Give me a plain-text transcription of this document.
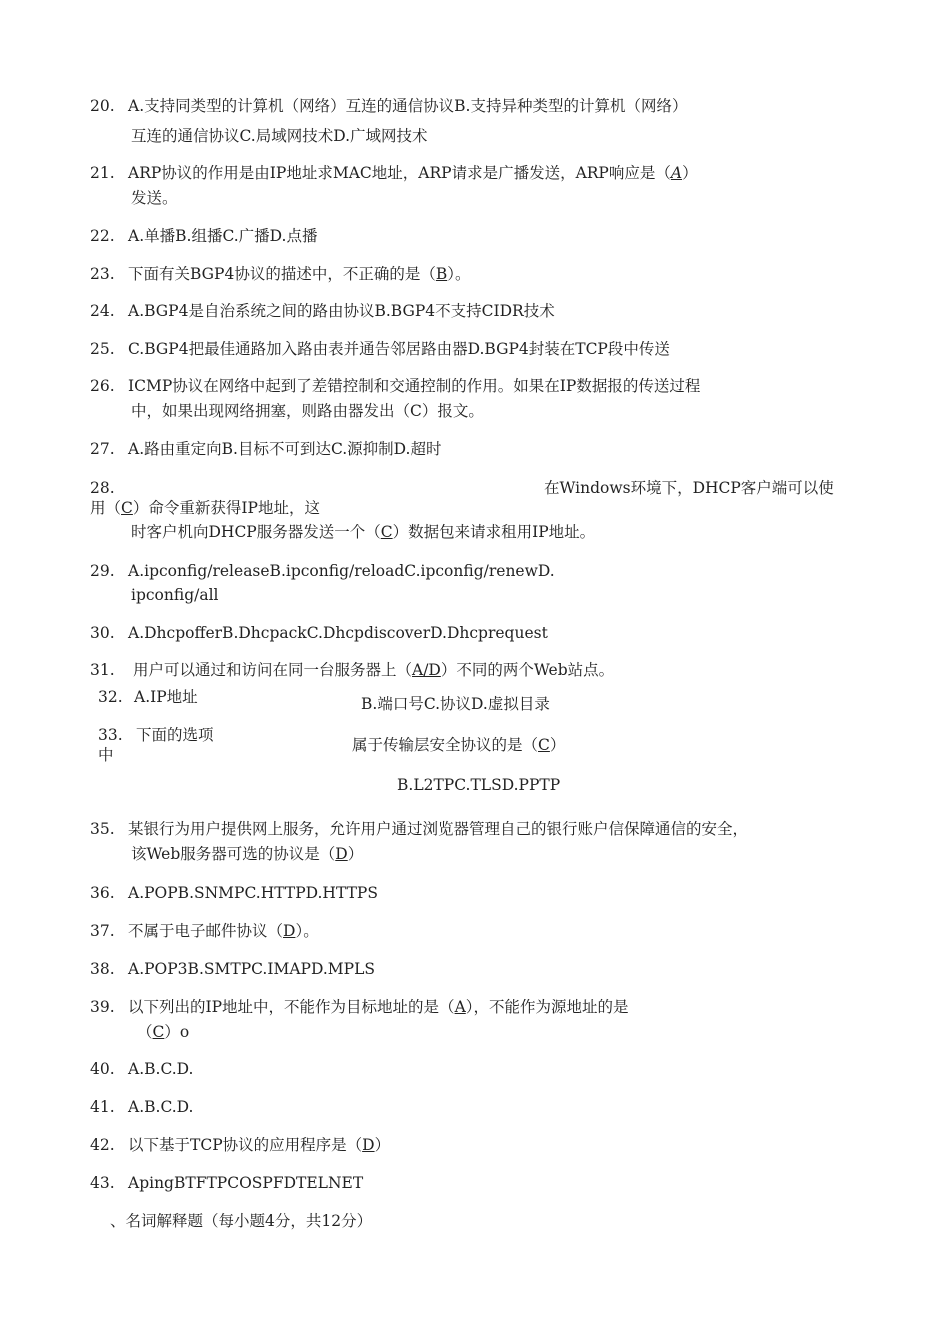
20. A.支持同类型的计算机（网络）互连的通信协议B.支持异种类型的计算机（网络）
互连的通信协议C.局域网技术D.广域网技术
21. ARP协议的作用是由IP地址求MAC地址，ARP请求是广播发送，ARP响应是（A）
发送。
22. A.单播B.组播C.广播D.点播
23. 下面有关BGP4协议的描述中，不正确的是（B）。
24. A.BGP4是自治系统之间的路由协议B.BGP4不支持CIDR技术
25. C.BGP4把最佳通路加入路由表并通告邻居路由器D.BGP4封装在TCP段中传送
26. ICMP协议在网络中起到了差错控制和交通控制的作用。如果在IP数据报的传送过程
中，如果出现网络拥塞，则路由器发出（C）报文。
27. A.路由重定向B.目标不可到达C.源抑制D.超时
28.	在Windows环境下，DHCP客户端可以使
用（C）命令重新获得IP地址，这
时客户机向DHCP服务器发送一个（C）数据包来请求租用IP地址。
29. A.ipconfig/releaseB.ipconfig/reloadC.ipconfig/renewD.
ipconfig/all
30. A.DhcpofferB.DhcpackC.DhcpdiscoverD.Dhcprequest
31. 用户可以通过和访问在同一台服务器上（A/D）不同的两个Web站点。
32. A.IP地址	B.端口号C.协议D.虚拟目录
33. 下面的选项
中
属于传输层安全协议的是（C）
B.L2TPC.TLSD.PPTP
35. 某银行为用户提供网上服务，允许用户通过浏览器管理自己的银行账户信保障通信的安全，
该Web服务器可选的协议是（D）
36. A.POPB.SNMPC.HTTPD.HTTPS
37. 不属于电子邮件协议（D）。
38. A.POP3B.SMTPC.IMAPD.MPLS
39. 以下列出的IP地址中，不能作为目标地址的是（A），不能作为源地址的是
（C）o
40. A.B.C.D.
41. A.B.C.D.
42. 以下基于TCP协议的应用程序是（D）
43. ApingBTFTPCOSPFDTELNET
、名词解释题（每小题4分，共12分）
